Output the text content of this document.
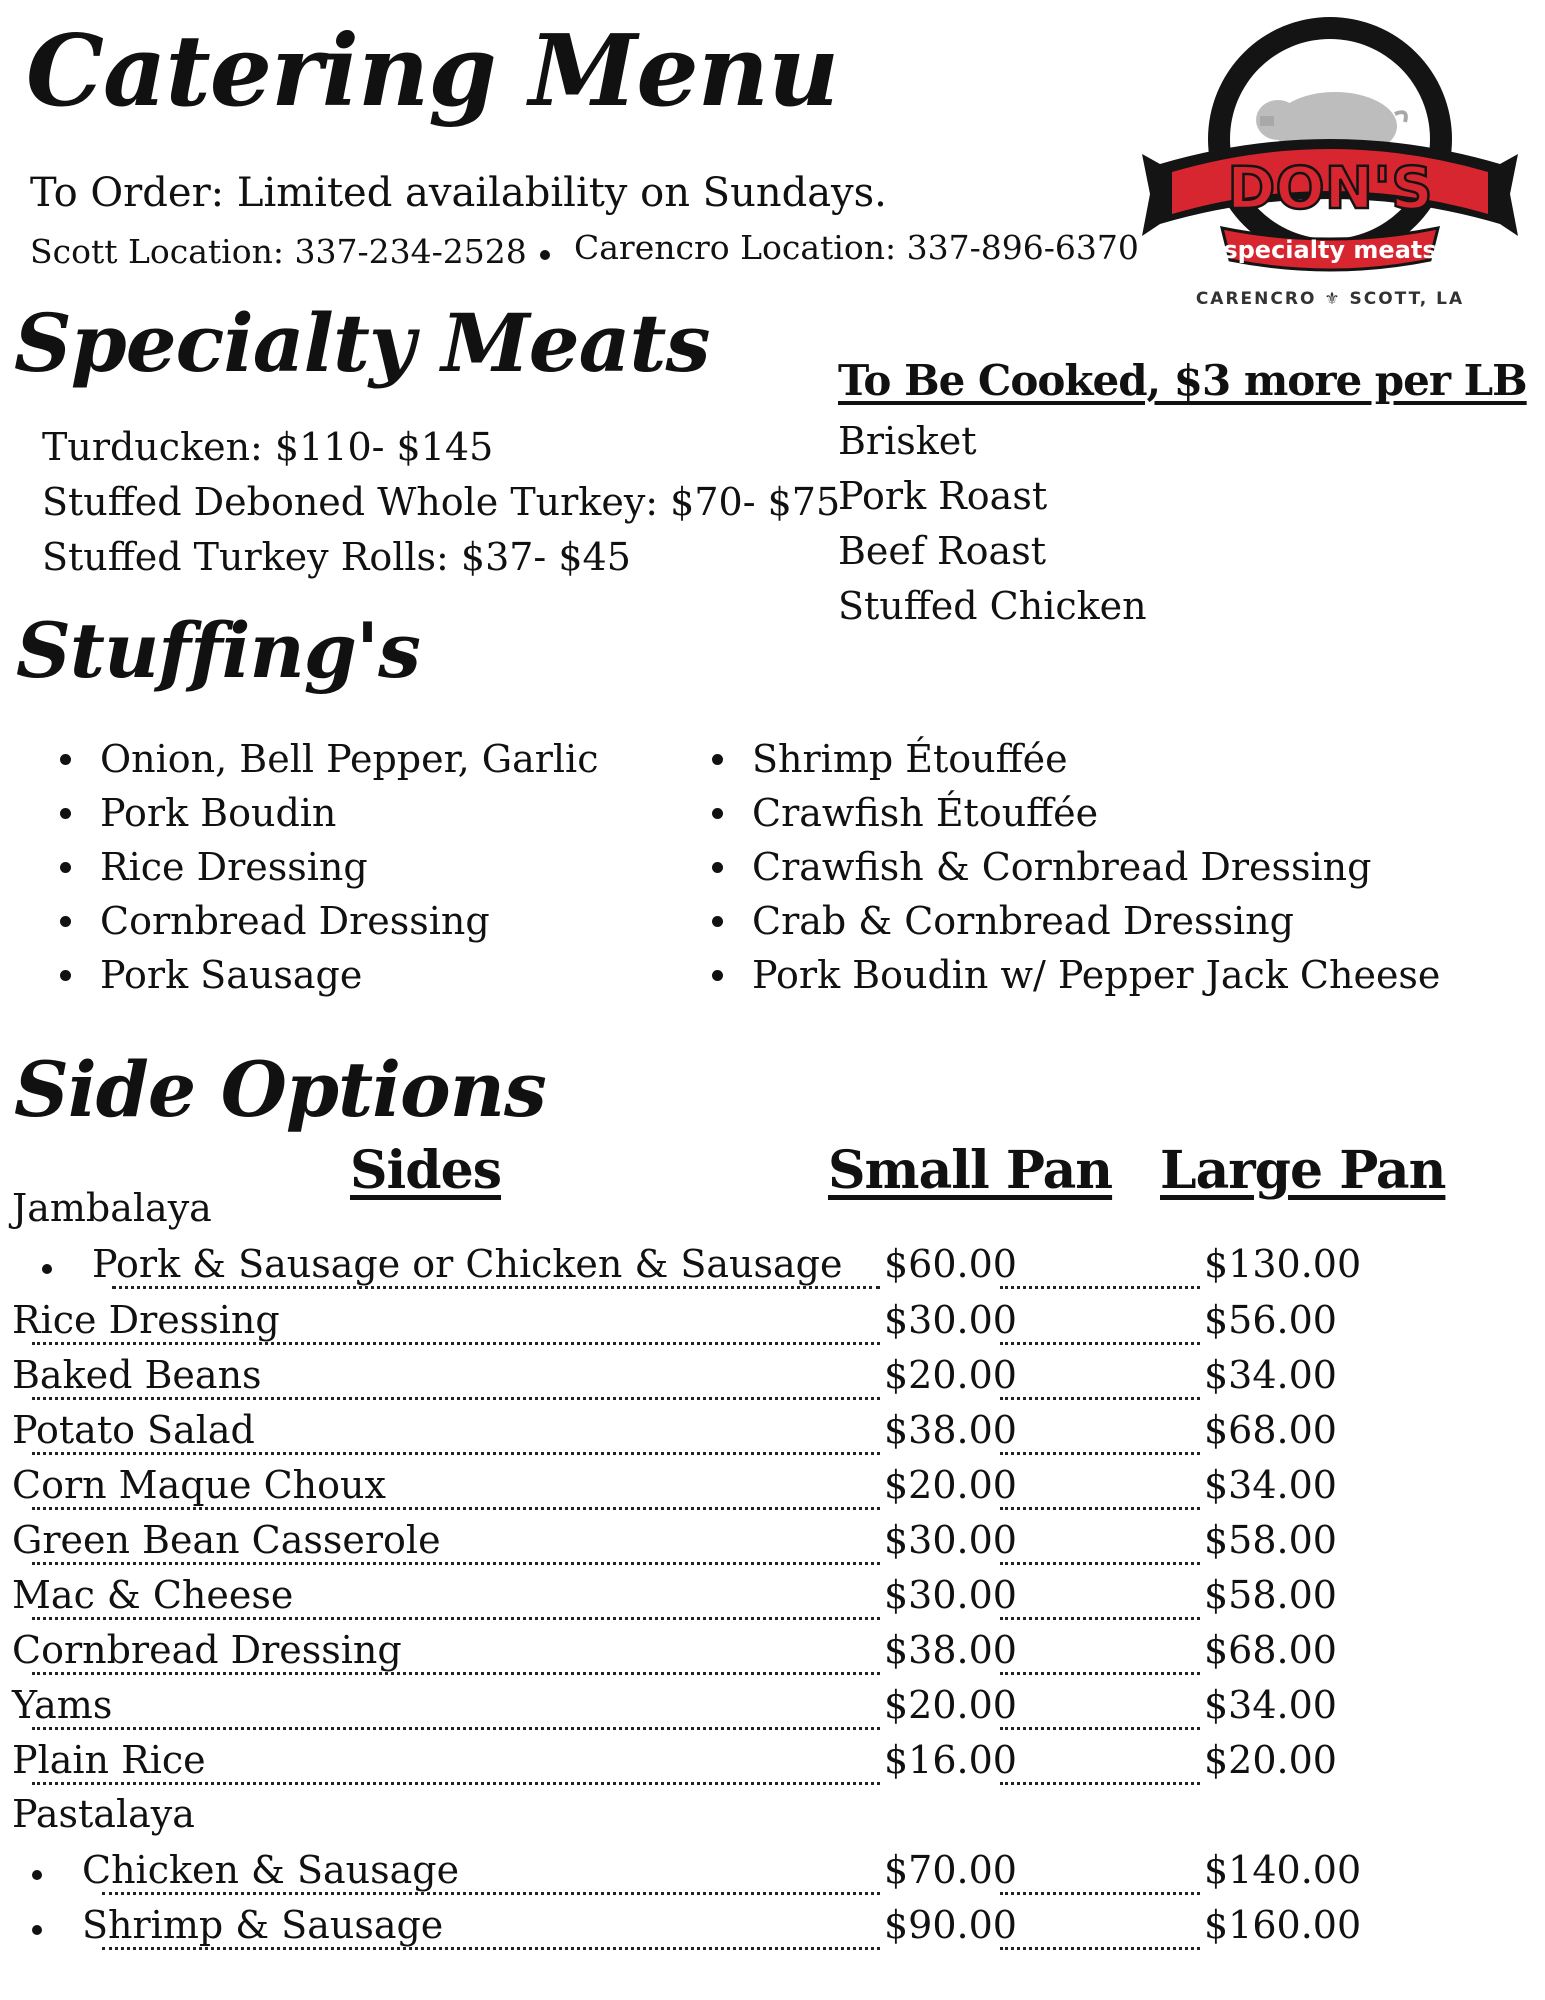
Catering Menu
To Order: Limited availability on Sundays.
Scott Location: 337-234-2528 Carencro Location: 337-896-6370
Best Homemade Bou klin • Seasonings • S
DON'S
specialty meats
CARENCRO ⚜ SCOTT, LA
Specialty Meats
Turducken: $110- $145
Stuffed Deboned Whole Turkey: $70- $75
Stuffed Turkey Rolls: $37- $45
To Be Cooked, $3 more per LB
Brisket
Pork Roast
Beef Roast
Stuffed Chicken
Stuffing's
Onion, Bell Pepper, Garlic
Pork Boudin
Rice Dressing
Cornbread Dressing
Pork Sausage
Shrimp Étouffée
Crawfish Étouffée
Crawfish & Cornbread Dressing
Crab & Cornbread Dressing
Pork Boudin w/ Pepper Jack Cheese
Side Options
Sides	Small Pan Large Pan
Jambalaya
Pork & Sausage or Chicken & Sausage $60.00	$130.00
Rice Dressing	$30.00	$56.00
Baked Beans	$20.00	$34.00
Potato Salad	$38.00	$68.00
Corn Maque Choux	$20.00	$34.00
Green Bean Casserole	$30.00	$58.00
Mac & Cheese	$30.00	$58.00
Cornbread Dressing	$38.00	$68.00
Yams	$20.00	$34.00
Plain Rice	$16.00	$20.00
Chicken & Sausage	$70.00	$140.00
Shrimp & Sausage	$90.00	$160.00
Pastalaya
